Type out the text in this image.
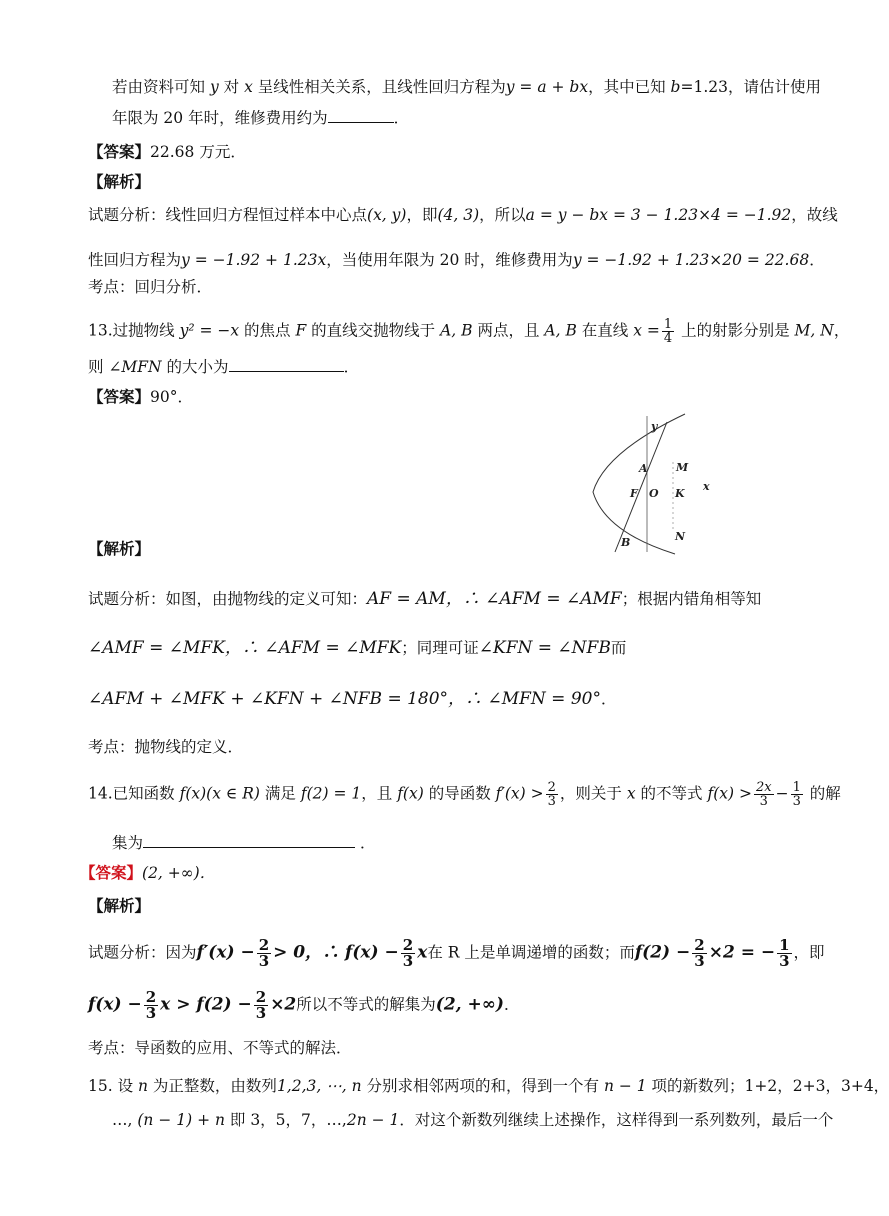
若由资料可知 y 对 x 呈线性相关关系，且线性回归方程为y = a + bx，其中已知 b=1.23，请估计使用
年限为 20 年时，维修费用约为	．
【答案】22.68 万元．
【解析】
试题分析：线性回归方程恒过样本中心点(x, y)，即(4, 3)，所以a = y − bx = 3 − 1.23×4 = −1.92，故线
性回归方程为y = −1.92 + 1.23x，当使用年限为 20 时，维修费用为y = −1.92 + 1.23×20 = 22.68．
考点：回归分析．
13.过抛物线 y² = −x 的焦点 F 的直线交抛物线于 A, B 两点，且 A, B 在直线 $x = \frac{1}{4}$ 上的射影分别是 M, N，
则 ∠MFN 的大小为	．
【答案】90°．
y
A	M
F O K
B	N
x
【解析】
试题分析：如图，由抛物线的定义可知：AF = AM，∴ ∠AFM = ∠AMF；根据内错角相等知
∠AMF = ∠MFK，∴ ∠AFM = ∠MFK；同理可证∠KFN = ∠NFB而
∠AFM + ∠MFK + ∠KFN + ∠NFB = 180°，∴ ∠MFN = 90°．
考点：抛物线的定义．
14.已知函数 f(x)(x ∈ R) 满足 f(2) = 1，且 f(x) 的导函数 $f'(x) > \frac{2}{3}$ ，则关于 x 的不等式 $f(x) > \frac{2x}{3} - \frac{1}{3}$ 的解
集为	．
【答案】(2, +∞)．
【解析】
试题分析：因为$f'(x) - \frac{2}{3} > 0$，∴ $f(x) - \frac{2}{3}$ x在 R 上是单调递增的函数；而$f(2) - \frac{2}{3} \times 2$ = − $\frac{1}{3}$ ，即
$f(x) - \frac{2}{3}$ $x > f(2) - \frac{2}{3} \times 2$所以不等式的解集为(2, +∞)．
考点：导函数的应用、不等式的解法．
15. 设 n 为正整数，由数列1,2,3, ⋯, n 分别求相邻两项的和，得到一个有 n − 1 项的新数列；1+2，2+3，3+4，
…, (n − 1) + n 即 3，5，7，…,2n − 1．对这个新数列继续上述操作，这样得到一系列数列，最后一个
